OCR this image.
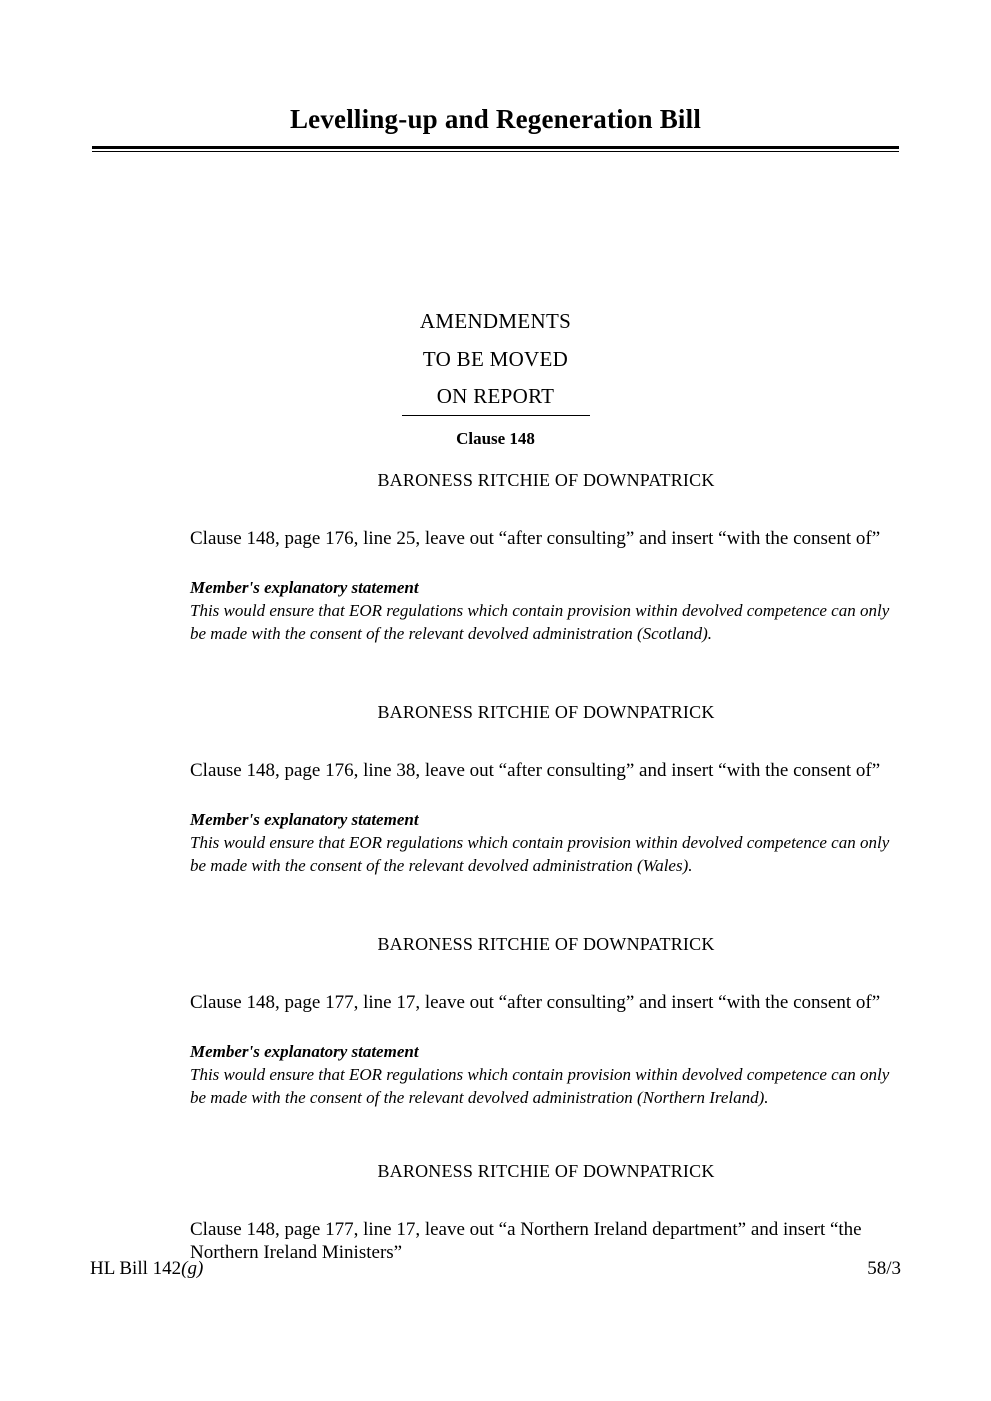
Levelling-up and Regeneration Bill
AMENDMENTS
TO BE MOVED
ON REPORT
Clause 148
BARONESS RITCHIE OF DOWNPATRICK

Clause 148, page 176, line 25, leave out “after consulting” and insert “with the consent of”

Member's explanatory statement

This would ensure that EOR regulations which contain provision within devolved competence can only be made with the consent of the relevant devolved administration (Scotland).

BARONESS RITCHIE OF DOWNPATRICK

Clause 148, page 176, line 38, leave out “after consulting” and insert “with the consent of”

Member's explanatory statement

This would ensure that EOR regulations which contain provision within devolved competence can only be made with the consent of the relevant devolved administration (Wales).

BARONESS RITCHIE OF DOWNPATRICK

Clause 148, page 177, line 17, leave out “after consulting” and insert “with the consent of”

Member's explanatory statement

This would ensure that EOR regulations which contain provision within devolved competence can only be made with the consent of the relevant devolved administration (Northern Ireland).

BARONESS RITCHIE OF DOWNPATRICK

Clause 148, page 177, line 17, leave out “a Northern Ireland department” and insert “the Northern Ireland Ministers”

HL Bill 142(g)	58/3
